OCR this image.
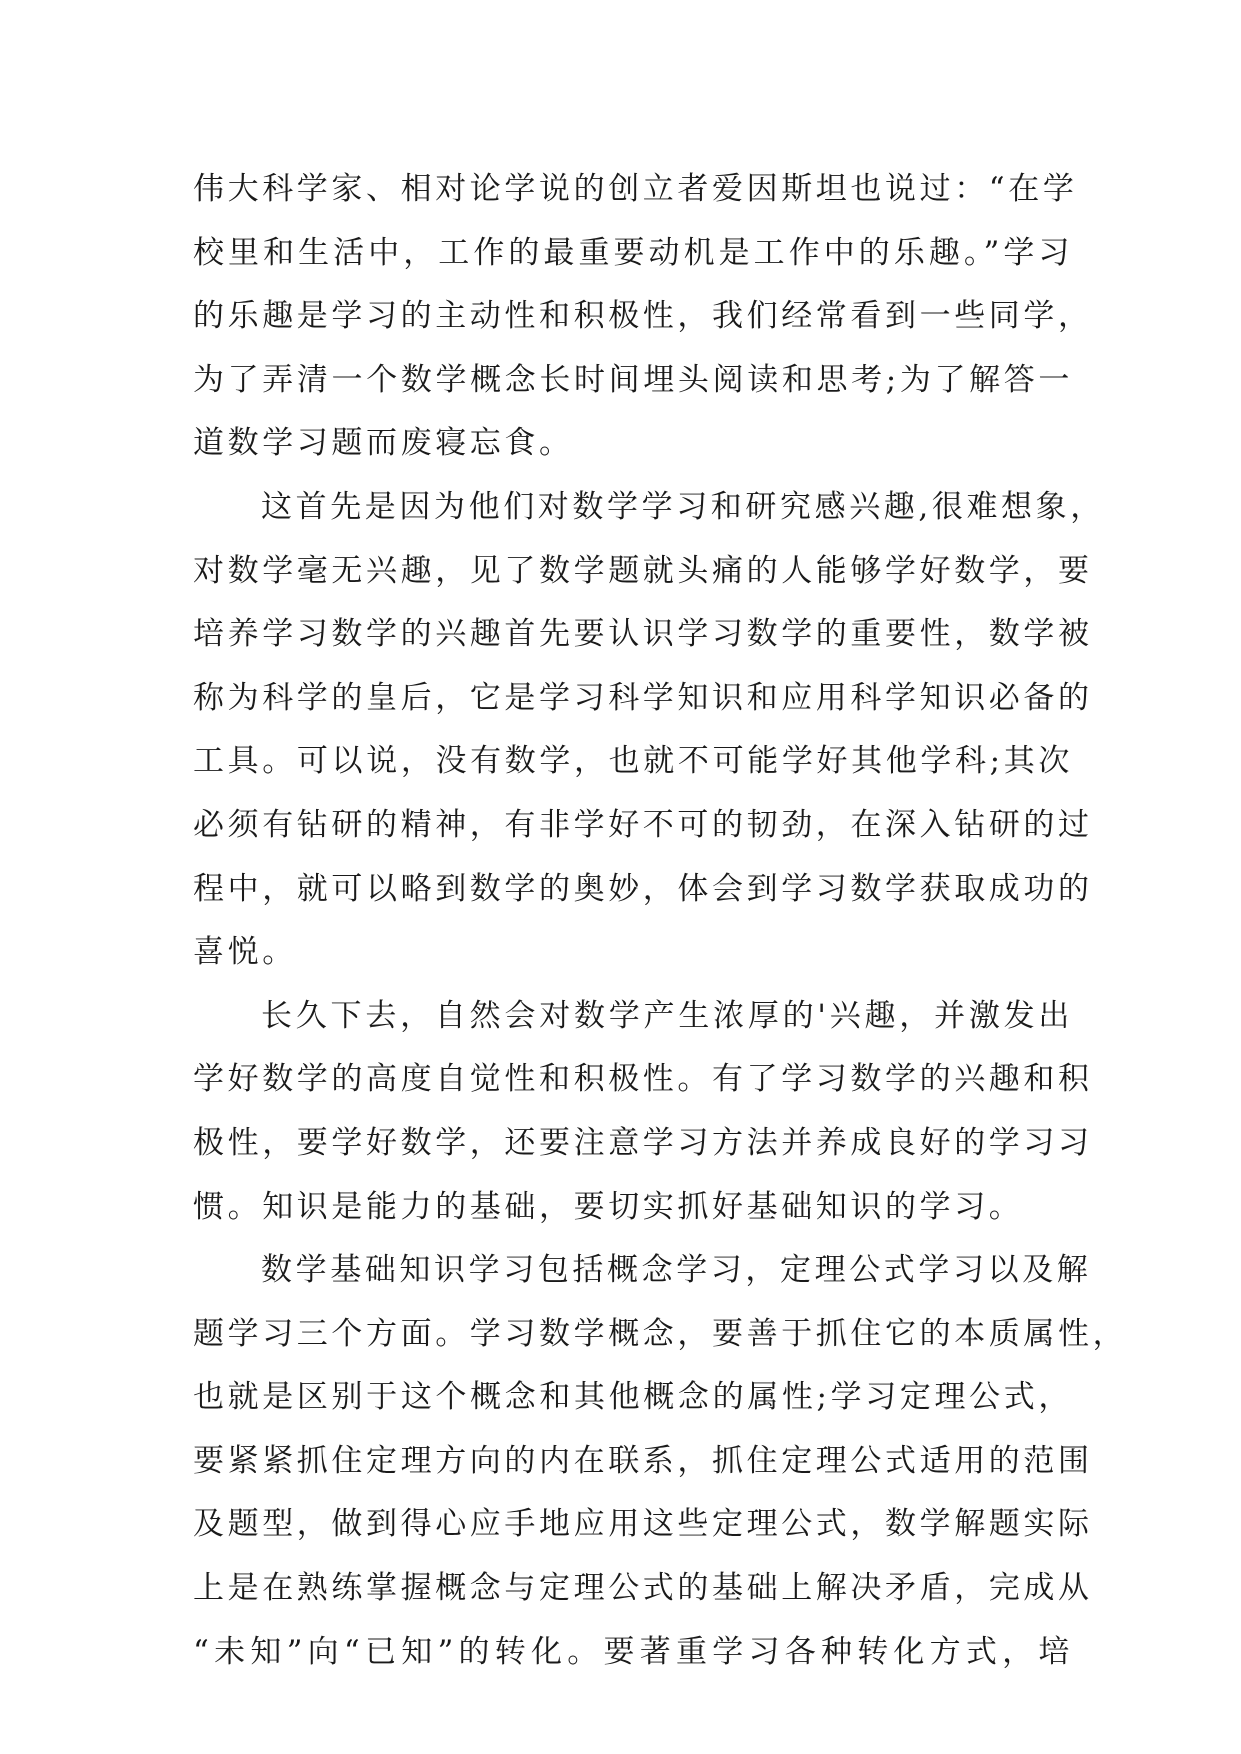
伟大科学家、相对论学说的创立者爱因斯坦也说过：“在学
校里和生活中，工作的最重要动机是工作中的乐趣。”学习
的乐趣是学习的主动性和积极性，我们经常看到一些同学，
为了弄清一个数学概念长时间埋头阅读和思考;为了解答一
道数学习题而废寝忘食。
这首先是因为他们对数学学习和研究感兴趣,很难想象，
对数学毫无兴趣，见了数学题就头痛的人能够学好数学，要
培养学习数学的兴趣首先要认识学习数学的重要性，数学被
称为科学的皇后，它是学习科学知识和应用科学知识必备的
工具。可以说，没有数学，也就不可能学好其他学科;其次
必须有钻研的精神，有非学好不可的韧劲，在深入钻研的过
程中，就可以略到数学的奥妙，体会到学习数学获取成功的
喜悦。
长久下去，自然会对数学产生浓厚的'兴趣，并激发出
学好数学的高度自觉性和积极性。有了学习数学的兴趣和积
极性，要学好数学，还要注意学习方法并养成良好的学习习
惯。知识是能力的基础，要切实抓好基础知识的学习。
数学基础知识学习包括概念学习，定理公式学习以及解
题学习三个方面。学习数学概念，要善于抓住它的本质属性，
也就是区别于这个概念和其他概念的属性;学习定理公式，
要紧紧抓住定理方向的内在联系，抓住定理公式适用的范围
及题型，做到得心应手地应用这些定理公式，数学解题实际
上是在熟练掌握概念与定理公式的基础上解决矛盾，完成从
“未知”向“已知”的转化。要著重学习各种转化方式，培
